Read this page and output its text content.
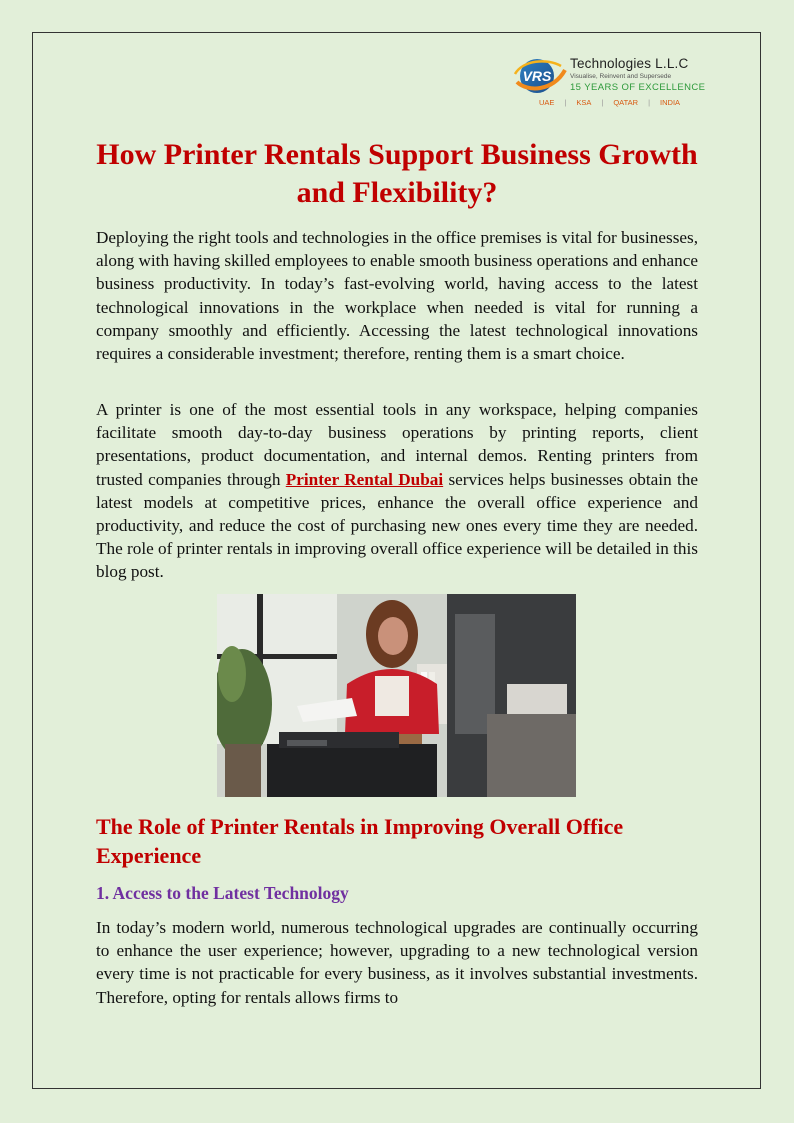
VRS
Technologies L.L.C
Visualise, Reinvent and Supersede
15 YEARS OF EXCELLENCE
UAE	|	KSA	|	QATAR	|	INDIA
How Printer Rentals Support Business Growth and Flexibility?

Deploying the right tools and technologies in the office premises is vital for businesses, along with having skilled employees to enable smooth business operations and enhance business productivity. In today’s fast-evolving world, having access to the latest technological innovations in the workplace when needed is vital for running a company smoothly and efficiently. Accessing the latest technological innovations requires a considerable investment; therefore, renting them is a smart choice.

A printer is one of the most essential tools in any workspace, helping companies facilitate smooth day-to-day business operations by printing reports, client presentations, product documentation, and internal demos. Renting printers from trusted companies through Printer Rental Dubai services helps businesses obtain the latest models at competitive prices, enhance the overall office experience and productivity, and reduce the cost of purchasing new ones every time they are needed. The role of printer rentals in improving overall office experience will be detailed in this blog post.

The Role of Printer Rentals in Improving Overall Office Experience
1. Access to the Latest Technology

In today’s modern world, numerous technological upgrades are continually occurring to enhance the user experience; however, upgrading to a new technological version every time is not practicable for every business, as it involves substantial investments. Therefore, opting for rentals allows firms to
